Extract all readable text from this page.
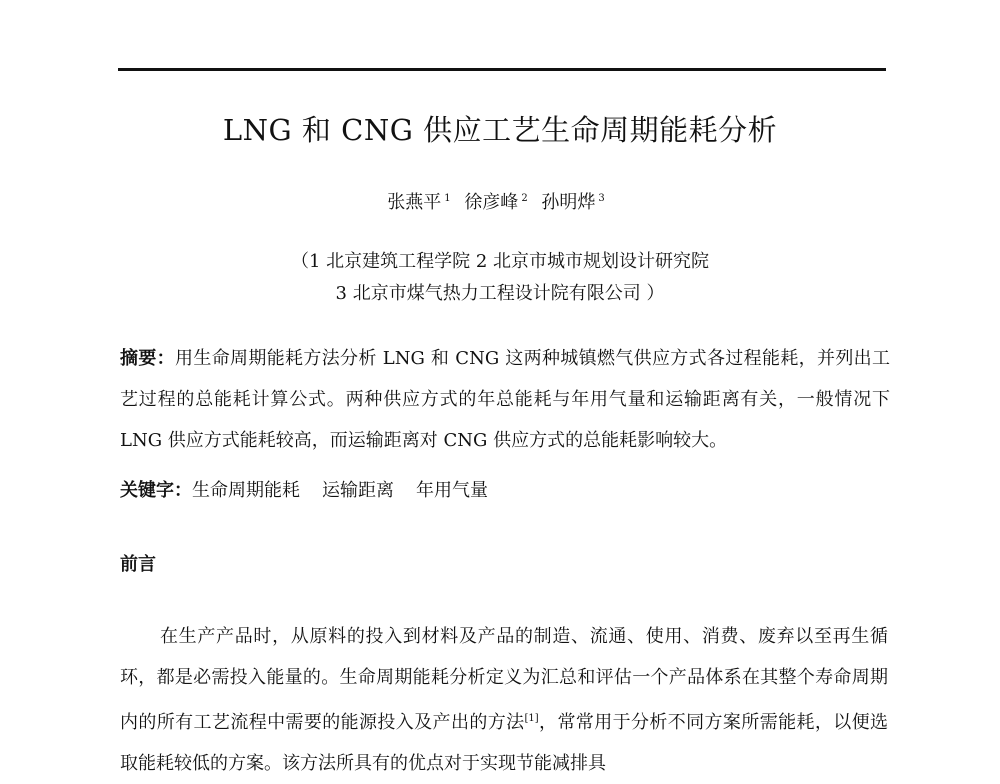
LNG 和 CNG 供应工艺生命周期能耗分析
张燕平 $^1$ 徐彦峰 $^2$ 孙明烨 $^3$
（1 北京建筑工程学院 2 北京市城市规划设计研究院
3 北京市煤气热力工程设计院有限公司 ）

摘要：用生命周期能耗方法分析 LNG 和 CNG 这两种城镇燃气供应方式各过程能耗，并列出工艺过程的总能耗计算公式。两种供应方式的年总能耗与年用气量和运输距离有关，一般情况下 LNG 供应方式能耗较高，而运输距离对 CNG 供应方式的总能耗影响较大。

关键字：生命周期能耗 运输距离 年用气量
前言

在生产产品时，从原料的投入到材料及产品的制造、流通、使用、消费、废弃以至再生循环，都是必需投入能量的。生命周期能耗分析定义为汇总和评估一个产品体系在其整个寿命周期内的所有工艺流程中需要的能源投入及产出的方法[1]，常常用于分析不同方案所需能耗，以便选取能耗较低的方案。该方法所具有的优点对于实现节能减排具
